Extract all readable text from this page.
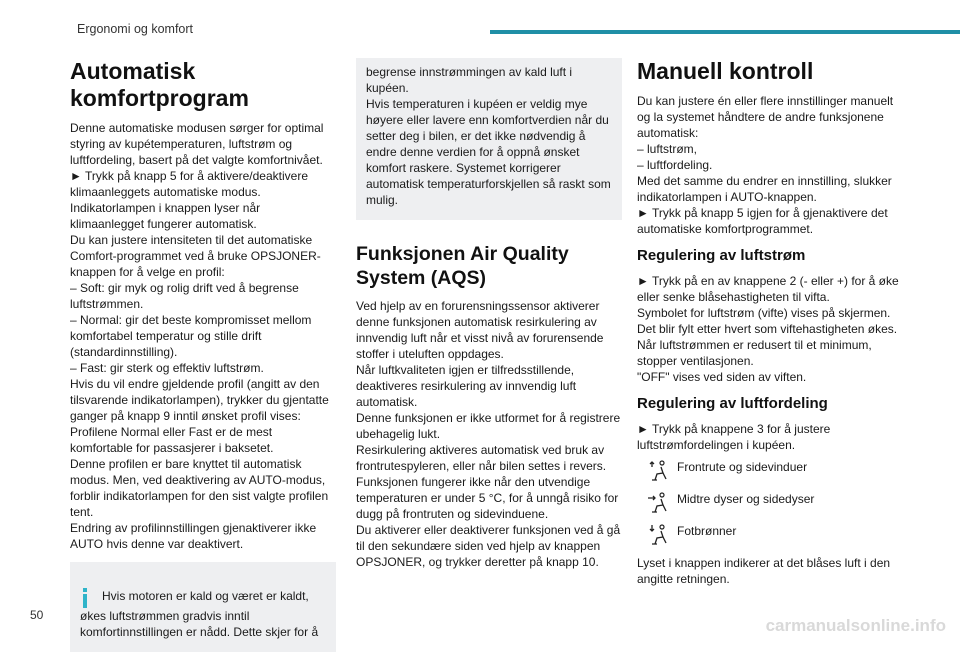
Ergonomi og komfort
Automatisk komfortprogram

Denne automatiske modusen sørger for optimal styring av kupétemperaturen, luftstrøm og luftfordeling, basert på det valgte komfortnivået.
► Trykk på knapp 5 for å aktivere/deaktivere klimaanleggets automatiske modus.
Indikatorlampen i knappen lyser når klimaanlegget fungerer automatisk.
Du kan justere intensiteten til det automatiske Comfort-programmet ved å bruke OPSJONER-knappen for å velge en profil:
– Soft: gir myk og rolig drift ved å begrense luftstrømmen.
– Normal: gir det beste kompromisset mellom komfortabel temperatur og stille drift (standardinnstilling).
– Fast: gir sterk og effektiv luftstrøm.
Hvis du vil endre gjeldende profil (angitt av den tilsvarende indikatorlampen), trykker du gjentatte ganger på knapp 9 inntil ønsket profil vises:
Profilene Normal eller Fast er de mest komfortable for passasjerer i baksetet.
Denne profilen er bare knyttet til automatisk modus. Men, ved deaktivering av AUTO-modus, forblir indikatorlampen for den sist valgte profilen tent.
Endring av profilinnstillingen gjenaktiverer ikke AUTO hvis denne var deaktivert.

Hvis motoren er kald og været er kaldt,
økes luftstrømmen gradvis inntil komfortinnstillingen er nådd. Dette skjer for å

begrense innstrømmingen av kald luft i kupéen.
Hvis temperaturen i kupéen er veldig mye høyere eller lavere enn komfortverdien når du setter deg i bilen, er det ikke nødvendig å endre denne verdien for å oppnå ønsket komfort raskere. Systemet korrigerer automatisk temperaturforskjellen så raskt som mulig.
Funksjonen Air Quality System (AQS)

Ved hjelp av en forurensningssensor aktiverer denne funksjonen automatisk resirkulering av innvendig luft når et visst nivå av forurensende stoffer i uteluften oppdages.
Når luftkvaliteten igjen er tilfredsstillende, deaktiveres resirkulering av innvendig luft automatisk.
Denne funksjonen er ikke utformet for å registrere ubehagelig lukt.
Resirkulering aktiveres automatisk ved bruk av frontrutespyleren, eller når bilen settes i revers.
Funksjonen fungerer ikke når den utvendige temperaturen er under 5 °C, for å unngå risiko for dugg på frontruten og sidevinduene.
Du aktiverer eller deaktiverer funksjonen ved å gå til den sekundære siden ved hjelp av knappen OPSJONER, og trykker deretter på knapp 10.

Manuell kontroll

Du kan justere én eller flere innstillinger manuelt og la systemet håndtere de andre funksjonene automatisk:
– luftstrøm,
– luftfordeling.
Med det samme du endrer en innstilling, slukker indikatorlampen i AUTO-knappen.
► Trykk på knapp 5 igjen for å gjenaktivere det automatiske komfortprogrammet.

Regulering av luftstrøm

► Trykk på en av knappene 2 (- eller +) for å øke eller senke blåsehastigheten til vifta.
Symbolet for luftstrøm (vifte) vises på skjermen. Det blir fylt etter hvert som viftehastigheten økes.
Når luftstrømmen er redusert til et minimum, stopper ventilasjonen.
"OFF" vises ved siden av viften.

Regulering av luftfordeling

► Trykk på knappene 3 for å justere luftstrømfordelingen i kupéen.

Frontrute og sidevinduer
Midtre dyser og sidedyser
Fotbrønner

Lyset i knappen indikerer at det blåses luft i den angitte retningen.

50
carmanualsonline.info
